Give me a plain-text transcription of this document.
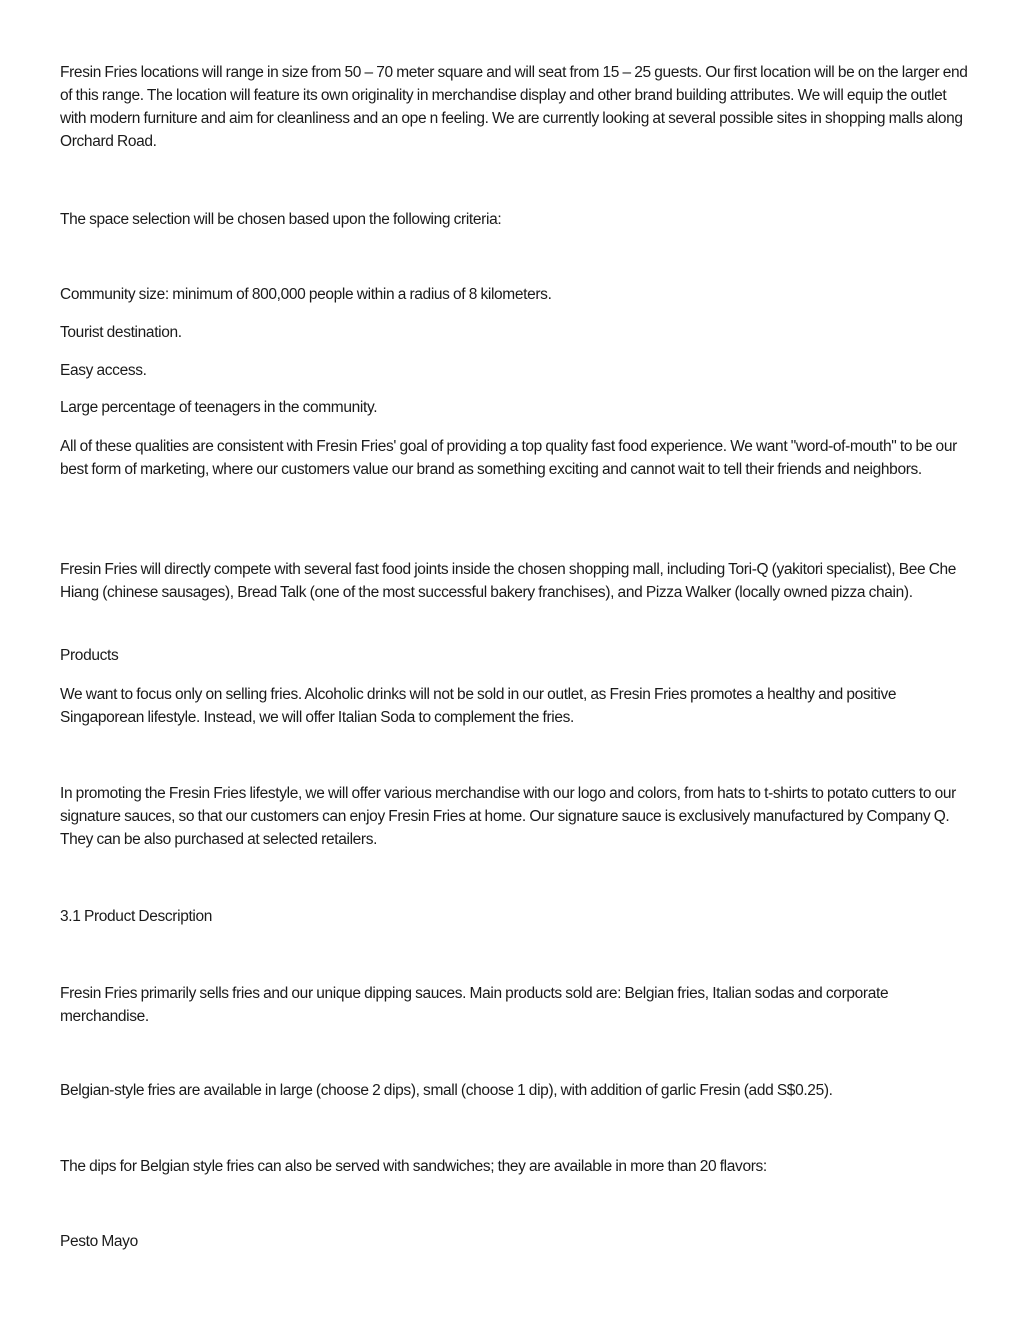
Fresin Fries locations will range in size from 50 – 70 meter square and will seat from 15 – 25 guests. Our first location will be on the larger end of this range. The location will feature its own originality in merchandise display and other brand building attributes. We will equip the outlet with modern furniture and aim for cleanliness and an ope n feeling. We are currently looking at several possible sites in shopping malls along Orchard Road.

The space selection will be chosen based upon the following criteria:

Community size: minimum of 800,000 people within a radius of 8 kilometers.

Tourist destination.

Easy access.

Large percentage of teenagers in the community.

All of these qualities are consistent with Fresin Fries' goal of providing a top quality fast food experience. We want "word-of-mouth" to be our best form of marketing, where our customers value our brand as something exciting and cannot wait to tell their friends and neighbors.

Fresin Fries will directly compete with several fast food joints inside the chosen shopping mall, including Tori-Q (yakitori specialist), Bee Che Hiang (chinese sausages), Bread Talk (one of the most successful bakery franchises), and Pizza Walker (locally owned pizza chain).

Products

We want to focus only on selling fries. Alcoholic drinks will not be sold in our outlet, as Fresin Fries promotes a healthy and positive Singaporean lifestyle. Instead, we will offer Italian Soda to complement the fries.

In promoting the Fresin Fries lifestyle, we will offer various merchandise with our logo and colors, from hats to t-shirts to potato cutters to our signature sauces, so that our customers can enjoy Fresin Fries at home. Our signature sauce is exclusively manufactured by Company Q. They can be also purchased at selected retailers.

3.1 Product Description

Fresin Fries primarily sells fries and our unique dipping sauces. Main products sold are: Belgian fries, Italian sodas and corporate merchandise.

Belgian-style fries are available in large (choose 2 dips), small (choose 1 dip), with addition of garlic Fresin (add S$0.25).

The dips for Belgian style fries can also be served with sandwiches; they are available in more than 20 flavors:

Pesto Mayo
